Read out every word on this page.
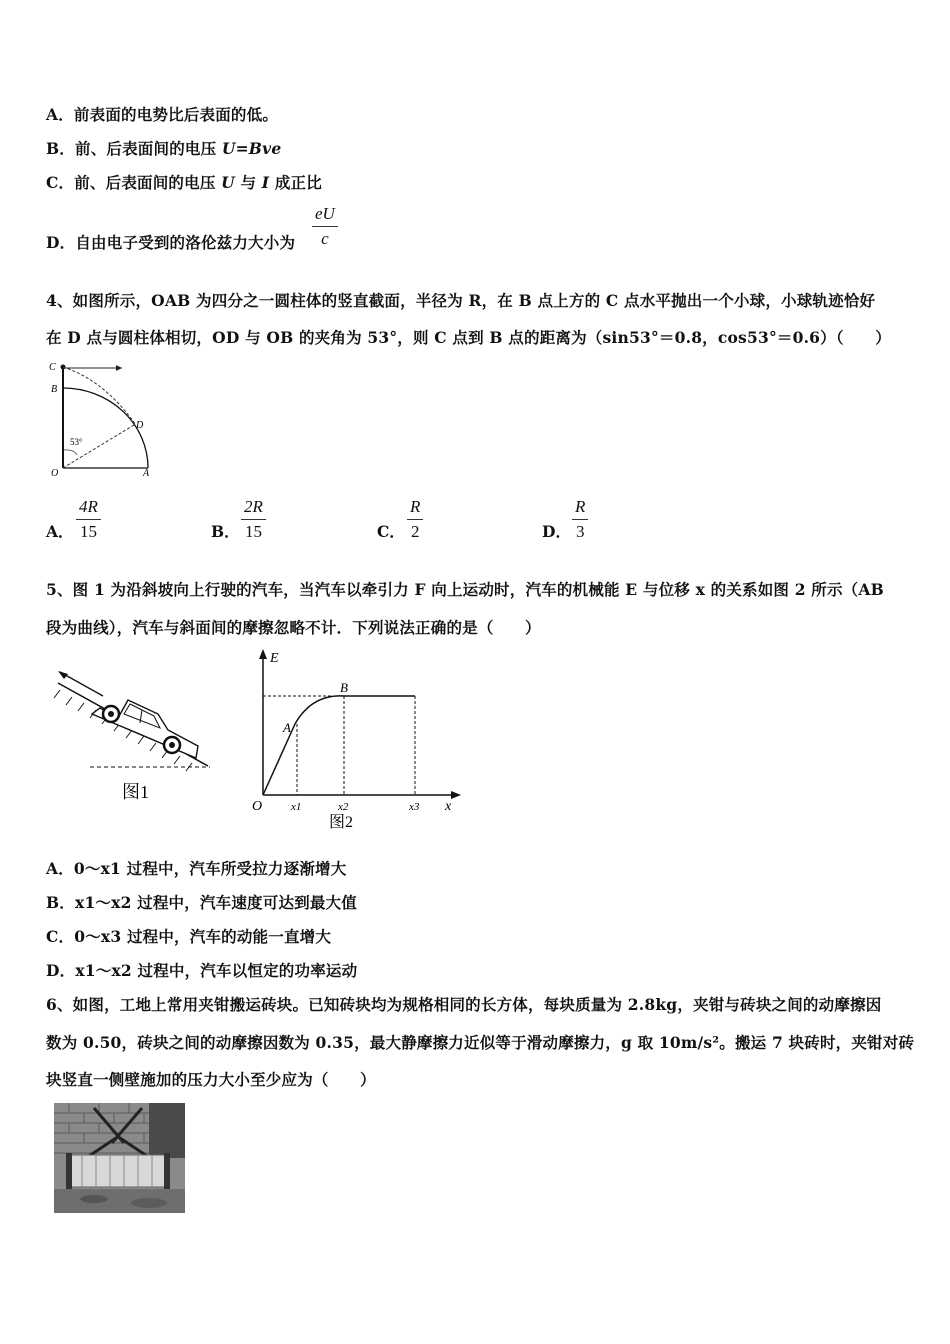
A．前表面的电势比后表面的低。
B．前、后表面间的电压 U=Bve
C．前、后表面间的电压 U 与 I 成正比
D．自由电子受到的洛伦兹力大小为
eU
c
4、如图所示，OAB 为四分之一圆柱体的竖直截面，半径为 R，在 B 点上方的 C 点水平抛出一个小球，小球轨迹恰好
在 D 点与圆柱体相切，OD 与 OB 的夹角为 53°，则 C 点到 B 点的距离为（sin53°＝0.8，cos53°＝0.6）（　　）
C
B
D
O	A
53°
A．
4R
15	B．
2R
15	C．
R
2	D．
R
3
5、图 1 为沿斜坡向上行驶的汽车，当汽车以牵引力 F 向上运动时，汽车的机械能 E 与位移 x 的关系如图 2 所示（AB
段为曲线），汽车与斜面间的摩擦忽略不计．下列说法正确的是（　　）
图1
E
x
O
A
B
x1	x2	x3
图2
A．0～x1 过程中，汽车所受拉力逐渐增大
B．x1～x2 过程中，汽车速度可达到最大值
C．0～x3 过程中，汽车的动能一直增大
D．x1～x2 过程中，汽车以恒定的功率运动
6、如图，工地上常用夹钳搬运砖块。已知砖块均为规格相同的长方体，每块质量为 2.8kg，夹钳与砖块之间的动摩擦因
数为 0.50，砖块之间的动摩擦因数为 0.35，最大静摩擦力近似等于滑动摩擦力，g 取 10m/s²。搬运 7 块砖时，夹钳对砖
块竖直一侧壁施加的压力大小至少应为（　　）
